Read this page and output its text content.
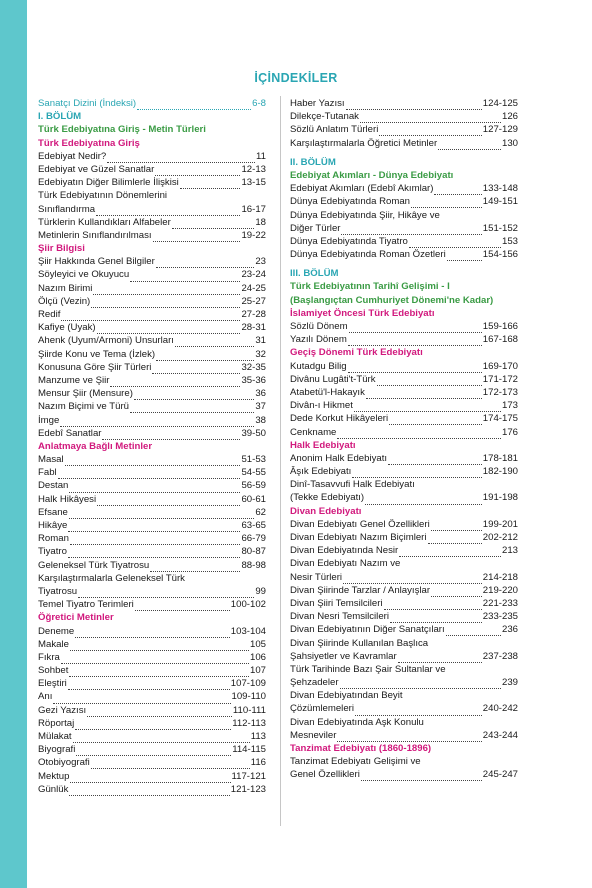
İÇİNDEKİLER
Sanatçı Dizini (İndeksi)	6-8
I. BÖLÜM
Türk Edebiyatına Giriş - Metin Türleri
Türk Edebiyatına Giriş
Edebiyat Nedir?	11
Edebiyat ve Güzel Sanatlar	12-13
Edebiyatın Diğer Bilimlerle İlişkisi	13-15
Türk Edebiyatının Dönemlerini
Sınıflandırma	16-17
Türklerin Kullandıkları Alfabeler	18
Metinlerin Sınıflandırılması	19-22
Şiir Bilgisi
Şiir Hakkında Genel Bilgiler	23
Söyleyici ve Okuyucu	23-24
Nazım Birimi	24-25
Ölçü (Vezin)	25-27
Redif	27-28
Kafiye (Uyak)	28-31
Ahenk (Uyum/Armoni) Unsurları	31
Şiirde Konu ve Tema (İzlek)	32
Konusuna Göre Şiir Türleri	32-35
Manzume ve Şiir	35-36
Mensur Şiir (Mensure)	36
Nazım Biçimi ve Türü	37
İmge	38
Edebî Sanatlar	39-50
Anlatmaya Bağlı Metinler
Masal	51-53
Fabl	54-55
Destan	56-59
Halk Hikâyesi	60-61
Efsane	62
Hikâye	63-65
Roman	66-79
Tiyatro	80-87
Geleneksel Türk Tiyatrosu	88-98
Karşılaştırmalarla Geleneksel Türk
Tiyatrosu	99
Temel Tiyatro Terimleri	100-102
Öğretici Metinler
Deneme	103-104
Makale	105
Fıkra	106
Sohbet	107
Eleştiri	107-109
Anı	109-110
Gezi Yazısı	110-111
Röportaj	112-113
Mülakat	113
Biyografi	114-115
Otobiyografi	116
Mektup	117-121
Günlük	121-123
Haber Yazısı	124-125
Dilekçe-Tutanak	126
Sözlü Anlatım Türleri	127-129
Karşılaştırmalarla Öğretici Metinler	130
II. BÖLÜM
Edebiyat Akımları - Dünya Edebiyatı
Edebiyat Akımları (Edebî Akımlar)	133-148
Dünya Edebiyatında Roman	149-151
Dünya Edebiyatında Şiir, Hikâye ve
Diğer Türler	151-152
Dünya Edebiyatında Tiyatro	153
Dünya Edebiyatında Roman Özetleri	154-156
III. BÖLÜM
Türk Edebiyatının Tarihî Gelişimi - I
(Başlangıçtan Cumhuriyet Dönemi'ne Kadar)
İslamiyet Öncesi Türk Edebiyatı
Sözlü Dönem	159-166
Yazılı Dönem	167-168
Geçiş Dönemi Türk Edebiyatı
Kutadgu Bilig	169-170
Divânu Lugâti't-Türk	171-172
Atabetü'l-Hakayık	172-173
Divân-ı Hikmet	173
Dede Korkut Hikâyeleri	174-175
Cenkname	176
Halk Edebiyatı
Anonim Halk Edebiyatı	178-181
Âşık Edebiyatı	182-190
Dinî-Tasavvufi Halk Edebiyatı
(Tekke Edebiyatı)	191-198
Divan Edebiyatı
Divan Edebiyatı Genel Özellikleri	199-201
Divan Edebiyatı Nazım Biçimleri	202-212
Divan Edebiyatında Nesir	213
Divan Edebiyatı Nazım ve
Nesir Türleri	214-218
Divan Şiirinde Tarzlar / Anlayışlar	219-220
Divan Şiiri Temsilcileri	221-233
Divan Nesri Temsilcileri	233-235
Divan Edebiyatının Diğer Sanatçıları	236
Divan Şiirinde Kullanılan Başlıca
Şahsiyetler ve Kavramlar	237-238
Türk Tarihinde Bazı Şair Sultanlar ve
Şehzadeler	239
Divan Edebiyatından Beyit
Çözümlemeleri	240-242
Divan Edebiyatında Aşk Konulu
Mesneviler	243-244
Tanzimat Edebiyatı (1860-1896)
Tanzimat Edebiyatı Gelişimi ve
Genel Özellikleri	245-247
